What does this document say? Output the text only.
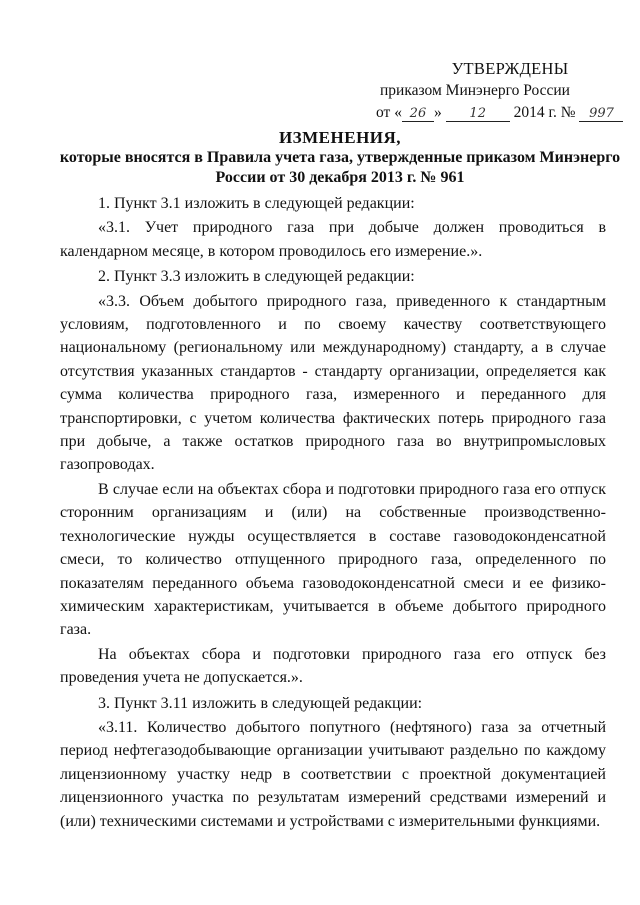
УТВЕРЖДЕНЫ
приказом Минэнерго России
от « 26 » 12 2014 г. № 997
ИЗМЕНЕНИЯ,
которые вносятся в Правила учета газа, утвержденные приказом Минэнерго России от 30 декабря 2013 г. № 961

1. Пункт 3.1 изложить в следующей редакции:

«3.1. Учет природного газа при добыче должен проводиться в календарном месяце, в котором проводилось его измерение.».

2. Пункт 3.3 изложить в следующей редакции:

«3.3. Объем добытого природного газа, приведенного к стандартным условиям, подготовленного и по своему качеству соответствующего национальному (региональному или международному) стандарту, а в случае отсутствия указанных стандартов - стандарту организации, определяется как сумма количества природного газа, измеренного и переданного для транспортировки, с учетом количества фактических потерь природного газа при добыче, а также остатков природного газа во внутрипромысловых газопроводах.

В случае если на объектах сбора и подготовки природного газа его отпуск сторонним организациям и (или) на собственные производственно-технологические нужды осуществляется в составе газоводоконденсатной смеси, то количество отпущенного природного газа, определенного по показателям переданного объема газоводоконденсатной смеси и ее физико-химическим характеристикам, учитывается в объеме добытого природного газа.

На объектах сбора и подготовки природного газа его отпуск без проведения учета не допускается.».

3. Пункт 3.11 изложить в следующей редакции:

«3.11. Количество добытого попутного (нефтяного) газа за отчетный период нефтегазодобывающие организации учитывают раздельно по каждому лицензионному участку недр в соответствии с проектной документацией лицензионного участка по результатам измерений средствами измерений и (или) техническими системами и устройствами с измерительными функциями.
